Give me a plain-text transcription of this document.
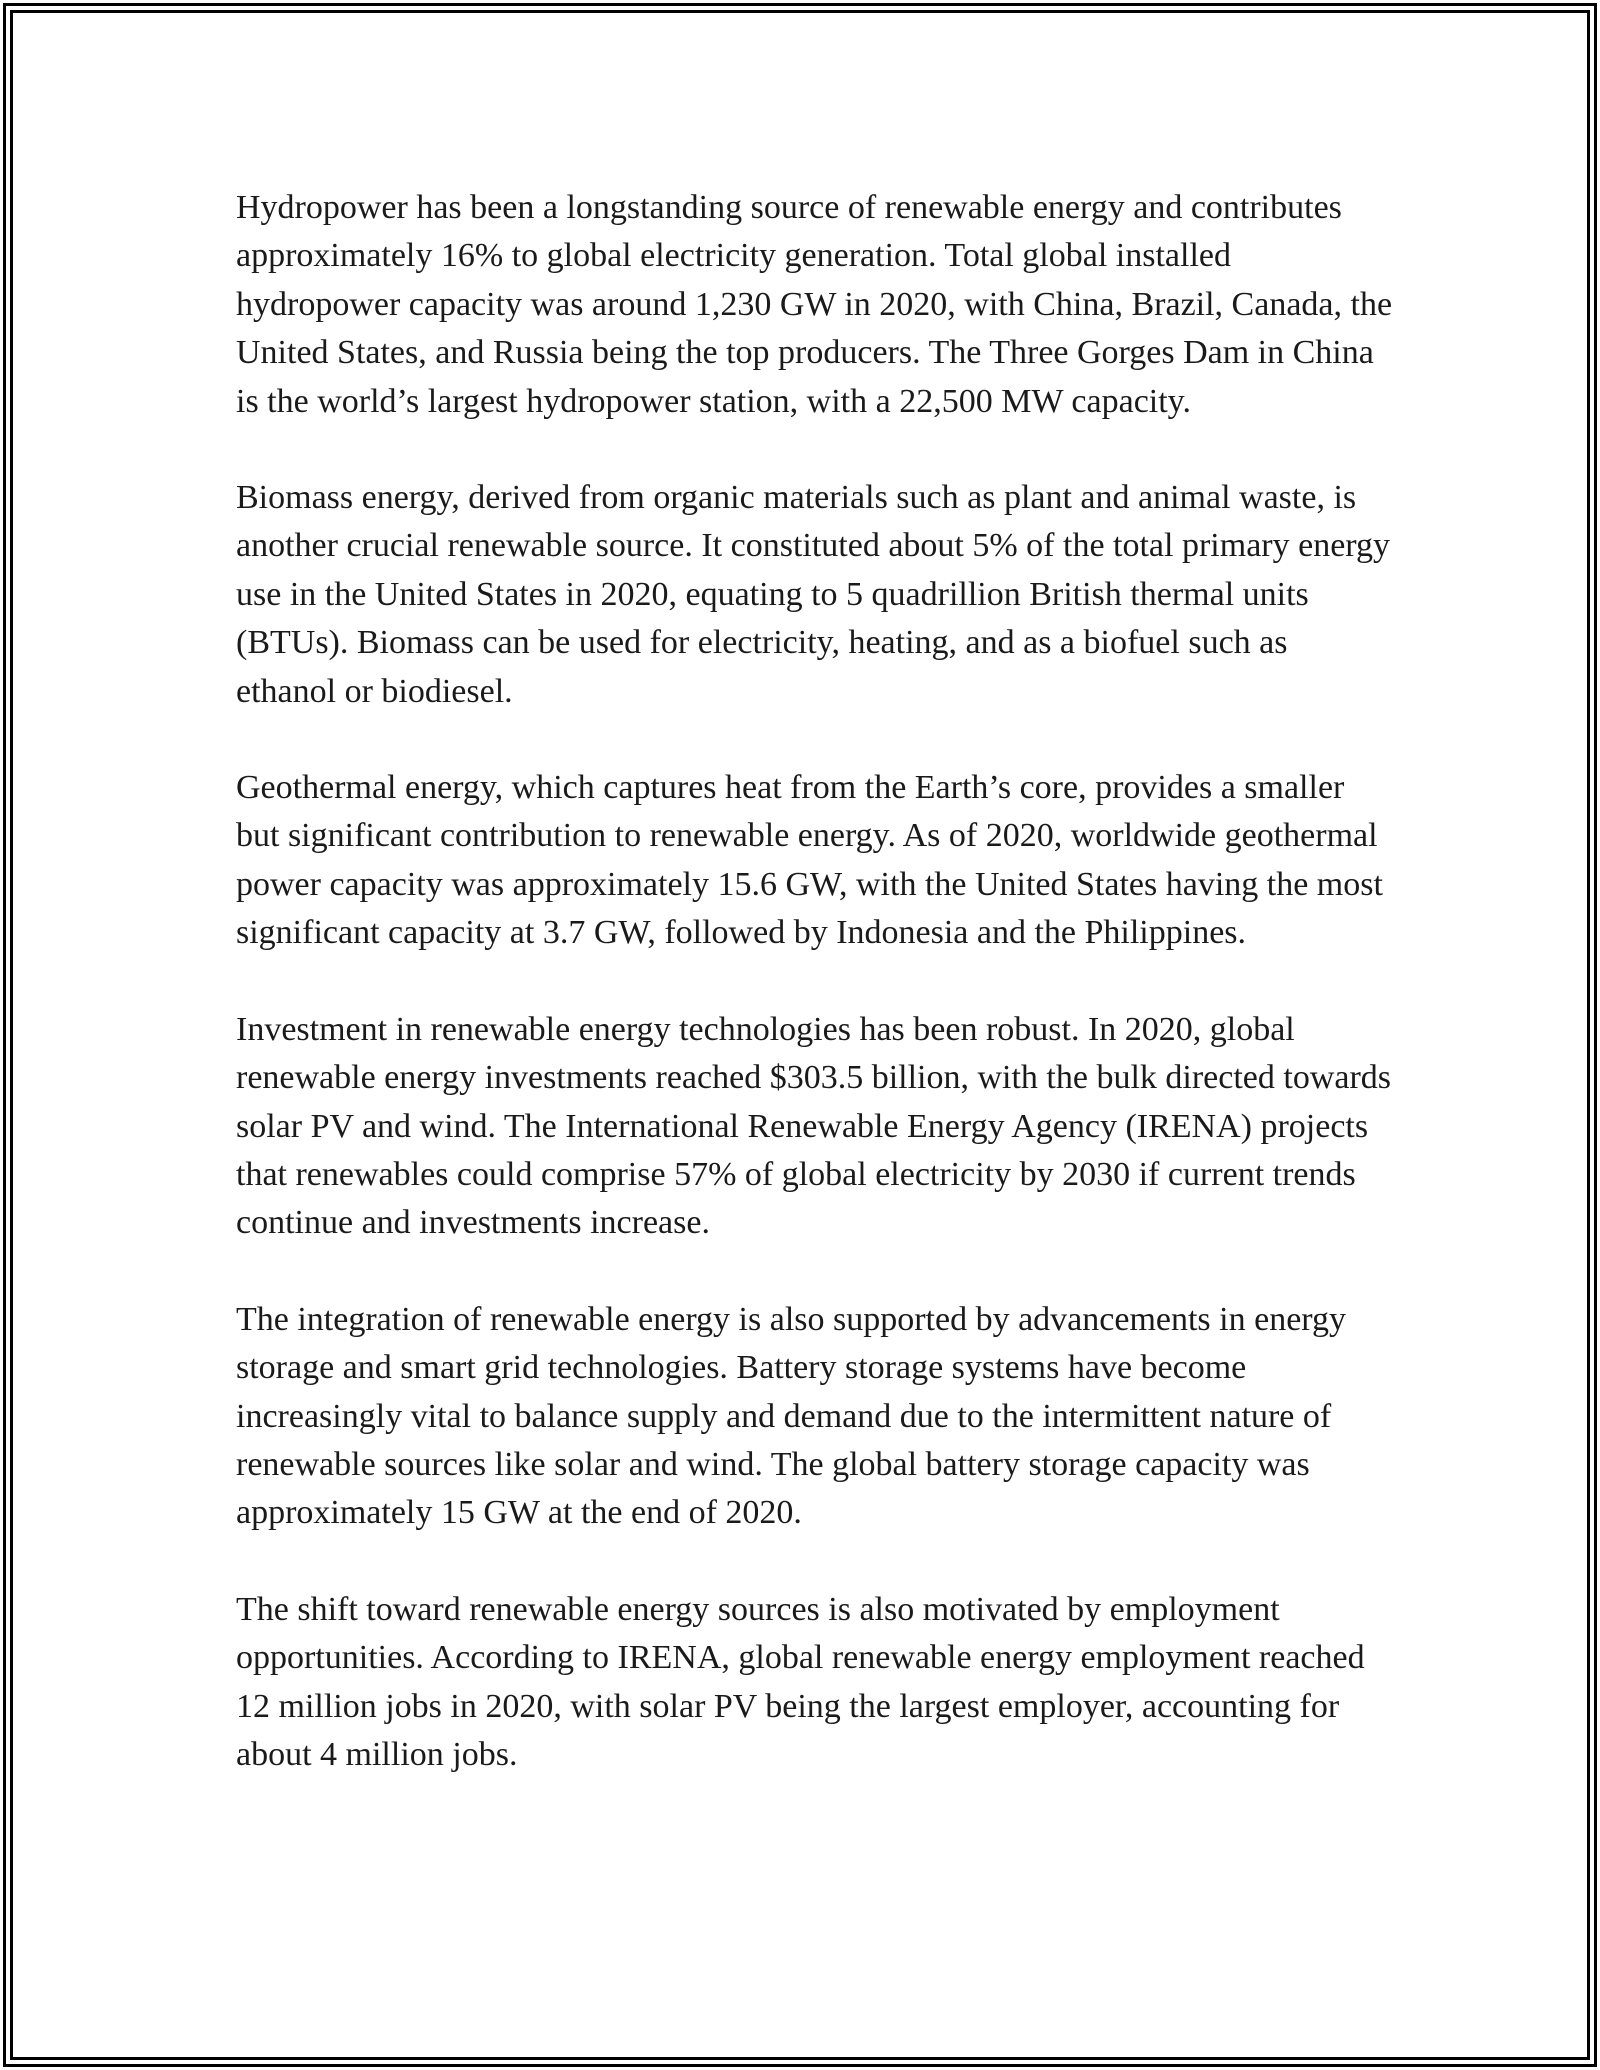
Hydropower has been a longstanding source of renewable energy and contributes approximately 16% to global electricity generation. Total global installed hydropower capacity was around 1,230 GW in 2020, with China, Brazil, Canada, the United States, and Russia being the top producers. The Three Gorges Dam in China is the world’s largest hydropower station, with a 22,500 MW capacity.

Biomass energy, derived from organic materials such as plant and animal waste, is another crucial renewable source. It constituted about 5% of the total primary energy use in the United States in 2020, equating to 5 quadrillion British thermal units (BTUs). Biomass can be used for electricity, heating, and as a biofuel such as ethanol or biodiesel.

Geothermal energy, which captures heat from the Earth’s core, provides a smaller but significant contribution to renewable energy. As of 2020, worldwide geothermal power capacity was approximately 15.6 GW, with the United States having the most significant capacity at 3.7 GW, followed by Indonesia and the Philippines.

Investment in renewable energy technologies has been robust. In 2020, global renewable energy investments reached $303.5 billion, with the bulk directed towards solar PV and wind. The International Renewable Energy Agency (IRENA) projects that renewables could comprise 57% of global electricity by 2030 if current trends continue and investments increase.

The integration of renewable energy is also supported by advancements in energy storage and smart grid technologies. Battery storage systems have become increasingly vital to balance supply and demand due to the intermittent nature of renewable sources like solar and wind. The global battery storage capacity was approximately 15 GW at the end of 2020.

The shift toward renewable energy sources is also motivated by employment opportunities. According to IRENA, global renewable energy employment reached 12 million jobs in 2020, with solar PV being the largest employer, accounting for about 4 million jobs.
